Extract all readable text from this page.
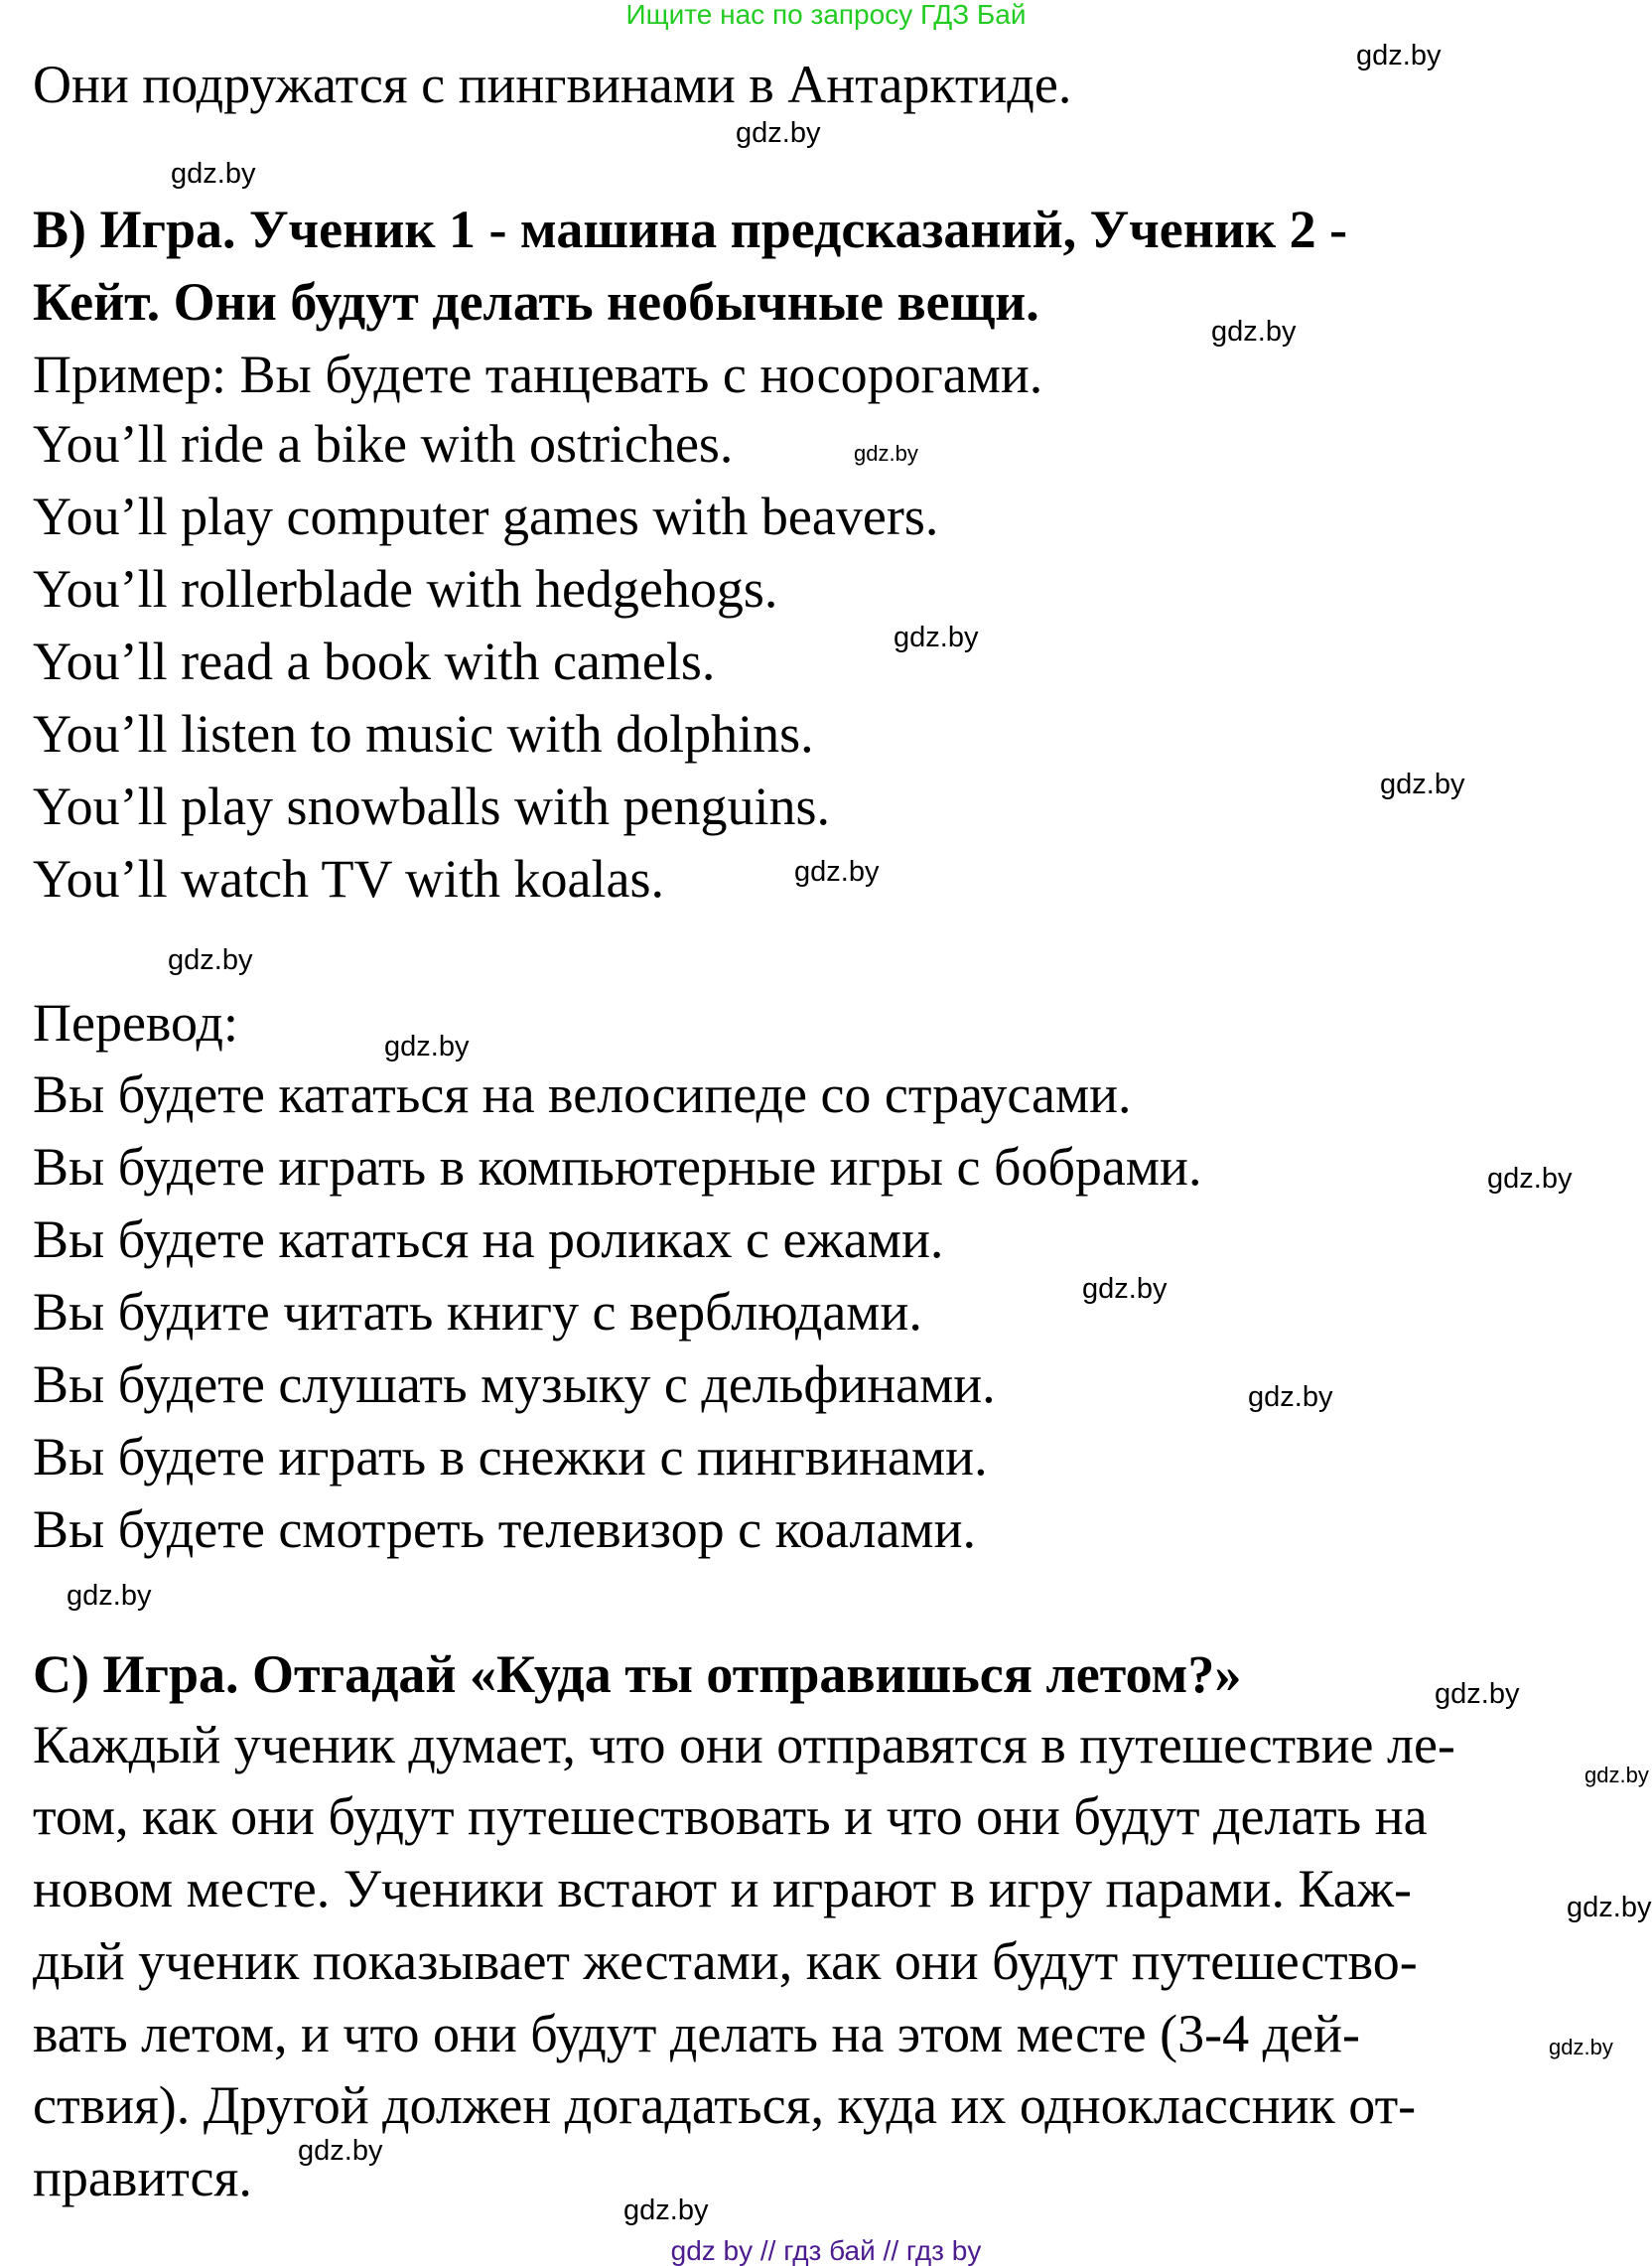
Ищите нас по запросу ГДЗ Бай
Они подружатся с пингвинами в Антарктиде.
B) Игра. Ученик 1 - машина предсказаний, Ученик 2 -
Кейт. Они будут делать необычные вещи.
Пример: Вы будете танцевать с носорогами.
You’ll ride a bike with ostriches.
You’ll play computer games with beavers.
You’ll rollerblade with hedgehogs.
You’ll read a book with camels.
You’ll listen to music with dolphins.
You’ll play snowballs with penguins.
You’ll watch TV with koalas.
Перевод:
Вы будете кататься на велосипеде со страусами.
Вы будете играть в компьютерные игры с бобрами.
Вы будете кататься на роликах с ежами.
Вы будите читать книгу с верблюдами.
Вы будете слушать музыку с дельфинами.
Вы будете играть в снежки с пингвинами.
Вы будете смотреть телевизор с коалами.
C) Игра. Отгадай «Куда ты отправишься летом?»
Каждый ученик думает, что они отправятся в путешествие ле-
том, как они будут путешествовать и что они будут делать на
новом месте. Ученики встают и играют в игру парами. Каж-
дый ученик показывает жестами, как они будут путешество-
вать летом, и что они будут делать на этом месте (3-4 дей-
ствия). Другой должен догадаться, куда их одноклассник от-
правится.
gdz.by
gdz.by
gdz.by
gdz.by
gdz.by
gdz.by
gdz.by
gdz.by
gdz.by
gdz.by
gdz.by
gdz.by
gdz.by
gdz.by
gdz.by
gdz.by
gdz.by
gdz.by
gdz.by
gdz.by
gdz by // гдз бай // гдз by
